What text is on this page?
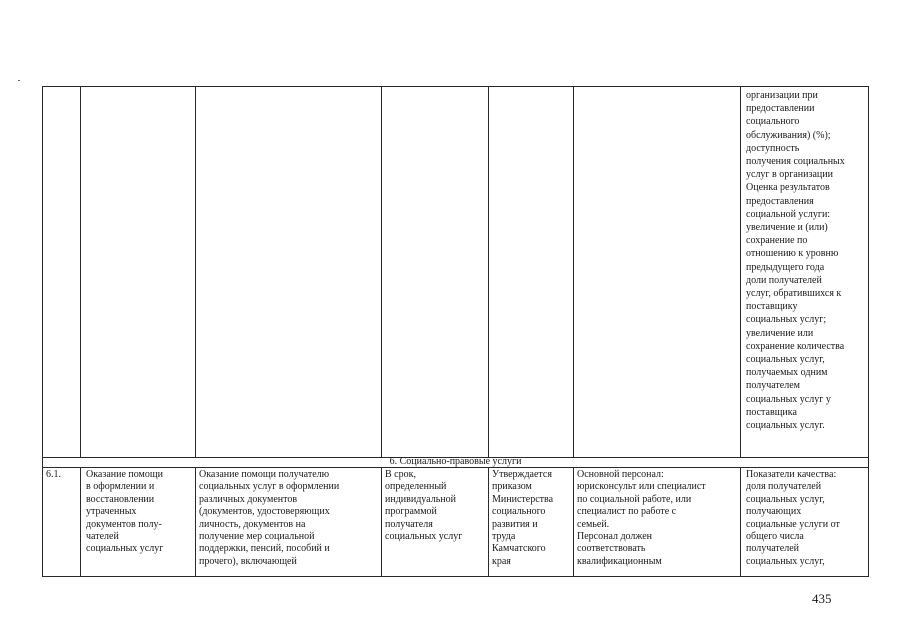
организации при
предоставлении
социального
обслуживания) (%);
доступность
получения социальных
услуг в организации
Оценка результатов
предоставления
социальной услуги:
увеличение и (или)
сохранение по
отношению к уровню
предыдущего года
доли получателей
услуг, обратившихся к
поставщику
социальных услуг;
увеличение или
сохранение количества
социальных услуг,
получаемых одним
получателем
социальных услуг у
поставщика
социальных услуг.
6. Социально-правовые услуги
6.1.	Оказание помощи
в оформлении и
восстановлении
утраченных
документов полу-
чателей
социальных услуг
Оказание помощи получателю
социальных услуг в оформлении
различных документов
(документов, удостоверяющих
личность, документов на
получение мер социальной
поддержки, пенсий, пособий и
прочего), включающей
В срок,
определенный
индивидуальной
программой
получателя
социальных услуг
Утверждается
приказом
Министерства
социального
развития и
труда
Камчатского
края
Основной персонал:
юрисконсульт или специалист
по социальной работе, или
специалист по работе с
семьей.
Персонал должен
соответствовать
квалификационным
Показатели качества:
доля получателей
социальных услуг,
получающих
социальные услуги от
общего числа
получателей
социальных услуг,
435
